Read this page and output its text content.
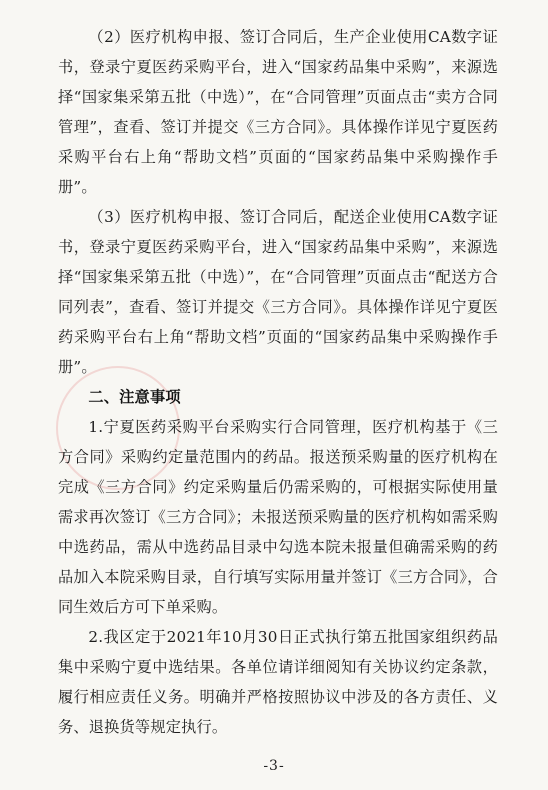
（2）医疗机构申报、签订合同后，生产企业使用CA数字证书，登录宁夏医药采购平台，进入“国家药品集中采购”，来源选择“国家集采第五批（中选）”，在“合同管理”页面点击“卖方合同管理”，查看、签订并提交《三方合同》。具体操作详见宁夏医药采购平台右上角“帮助文档”页面的“国家药品集中采购操作手册”。

（3）医疗机构申报、签订合同后，配送企业使用CA数字证书，登录宁夏医药采购平台，进入“国家药品集中采购”，来源选择“国家集采第五批（中选）”，在“合同管理”页面点击“配送方合同列表”，查看、签订并提交《三方合同》。具体操作详见宁夏医药采购平台右上角“帮助文档”页面的“国家药品集中采购操作手册”。

二、注意事项

1.宁夏医药采购平台采购实行合同管理，医疗机构基于《三方合同》采购约定量范围内的药品。报送预采购量的医疗机构在完成《三方合同》约定采购量后仍需采购的，可根据实际使用量需求再次签订《三方合同》；未报送预采购量的医疗机构如需采购中选药品，需从中选药品目录中勾选本院未报量但确需采购的药品加入本院采购目录，自行填写实际用量并签订《三方合同》，合同生效后方可下单采购。

2.我区定于2021年10月30日正式执行第五批国家组织药品集中采购宁夏中选结果。各单位请详细阅知有关协议约定条款，履行相应责任义务。明确并严格按照协议中涉及的各方责任、义务、退换货等规定执行。

-3-
